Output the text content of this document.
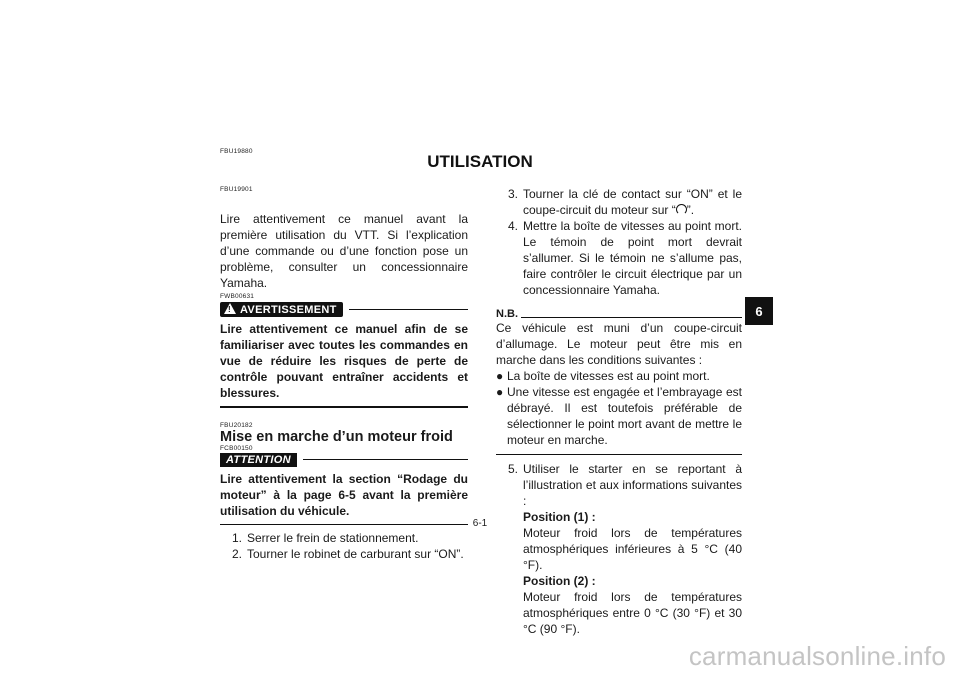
FBU19880
UTILISATION
FBU19901

Lire attentivement ce manuel avant la première utilisation du VTT. Si l’explication d’une commande ou d’une fonction pose un problème, consulter un concessionnaire Yamaha.

FWB00631
! AVERTISSEMENT

Lire attentivement ce manuel afin de se familiariser avec toutes les commandes en vue de réduire les risques de perte de contrôle pouvant entraîner accidents et blessures.

FBU20182

Mise en marche d’un moteur froid

FCB00150
ATTENTION

Lire attentivement la section “Rodage du moteur” à la page 6-5 avant la première utilisation du véhicule.

1. Serrer le frein de stationnement.
2. Tourner le robinet de carburant sur “ON”.
3. Tourner la clé de contact sur “ON” et le coupe-circuit du moteur sur “ ”.
4. Mettre la boîte de vitesses au point mort. Le témoin de point mort devrait s’allumer. Si le témoin ne s’allume pas, faire contrôler le circuit électrique par un concessionnaire Yamaha.
N.B.

Ce véhicule est muni d’un coupe-circuit d’allumage. Le moteur peut être mis en marche dans les conditions suivantes :

● La boîte de vitesses est au point mort.
● Une vitesse est engagée et l’embrayage est débrayé. Il est toutefois préférable de sélectionner le point mort avant de mettre le moteur en marche.
5. Utiliser le starter en se reportant à l’illustration et aux informations suivantes :
Position (1) :
Moteur froid lors de températures atmosphériques inférieures à 5 °C (40 °F).
Position (2) :
Moteur froid lors de températures atmosphériques entre 0 °C (30 °F) et 30 °C (90 °F).
6
6-1
carmanualsonline.info
